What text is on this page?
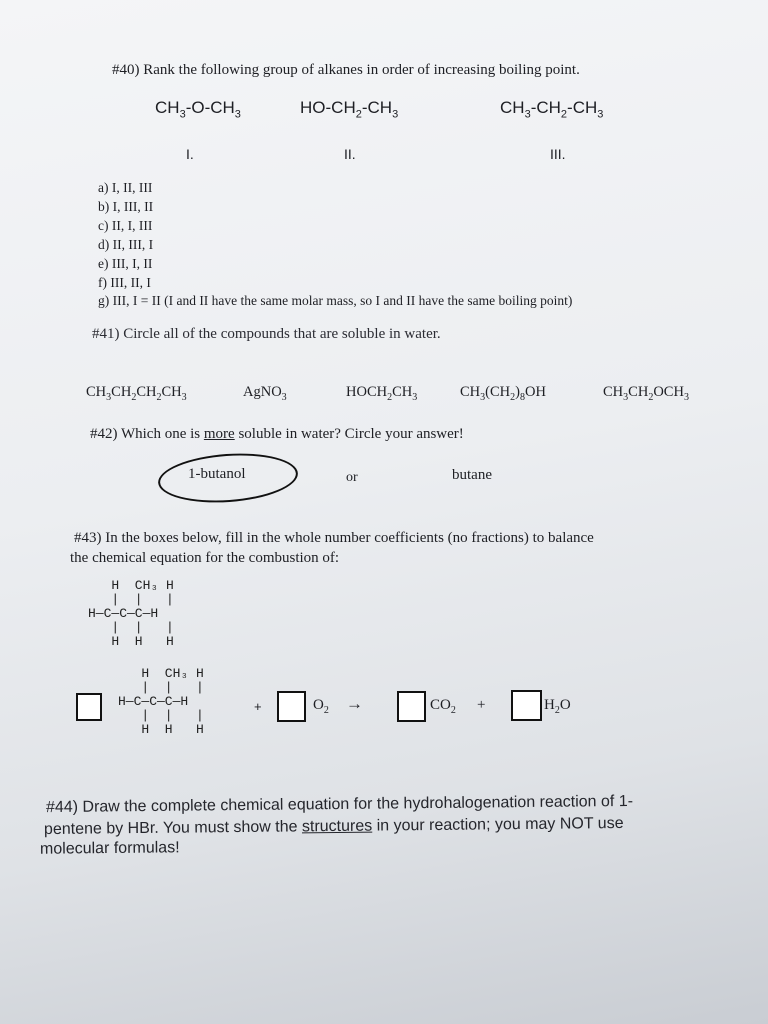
#40) Rank the following group of alkanes in order of increasing boiling point.
$CH_3-O-CH_3$	$HO-CH_2-CH_3$	$CH_3-CH_2-CH_3$
I.	II.	III.
a) I, II, III
b) I, III, II
c) II, I, III
d) II, III, I
e) III, I, II
f) III, II, I
g) III, I = II (I and II have the same molar mass, so I and II have the same boiling point)
#41) Circle all of the compounds that are soluble in water.
$CH_3CH_2CH_2CH_3$	AgNO$_3$	$HOCH_2CH_3$	$CH_3(CH_2)_8OH$	$CH_3CH_2OCH_3$
#42) Which one is more soluble in water? Circle your answer!
1-butanol	or	butane
#43) In the boxes below, fill in the whole number coefficients (no fractions) to balance
the chemical equation for the combustion of:
H  CH₃ H
|  |   |
H—C—C—C—H
|  |   |
H  H   H
H  CH₃ H
|  |   |
H—C—C—C—H
|  |   |
H  H   H
+	$O_2$ →	$CO_2$ +	$H_2O$
#44) Draw the complete chemical equation for the hydrohalogenation reaction of 1-
pentene by HBr. You must show the structures in your reaction; you may NOT use
molecular formulas!
